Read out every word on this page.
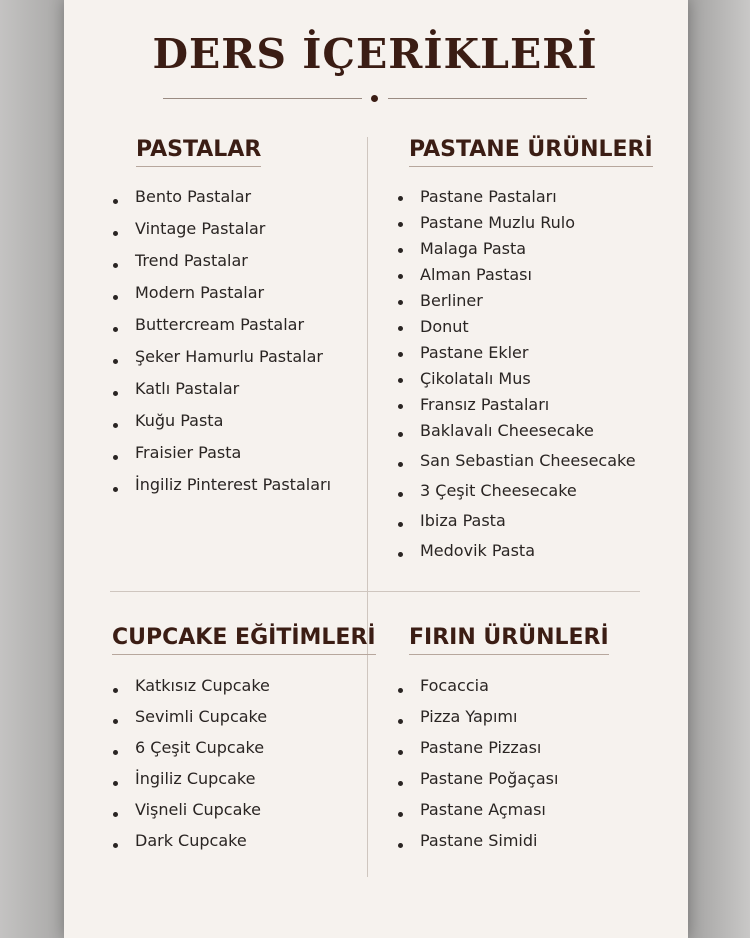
DERS İÇERİKLERİ
PASTALAR
Bento Pastalar
Vintage Pastalar
Trend Pastalar
Modern Pastalar
Buttercream Pastalar
Şeker Hamurlu Pastalar
Katlı Pastalar
Kuğu Pasta
Fraisier Pasta
İngiliz Pinterest Pastaları
PASTANE ÜRÜNLERİ
Pastane Pastaları
Pastane Muzlu Rulo
Malaga Pasta
Alman Pastası
Berliner
Donut
Pastane Ekler
Çikolatalı Mus
Fransız Pastaları
Baklavalı Cheesecake
San Sebastian Cheesecake
3 Çeşit Cheesecake
Ibiza Pasta
Medovik Pasta
CUPCAKE EĞİTİMLERİ
Katkısız Cupcake
Sevimli Cupcake
6 Çeşit Cupcake
İngiliz Cupcake
Vişneli Cupcake
Dark Cupcake
FIRIN ÜRÜNLERİ
Focaccia
Pizza Yapımı
Pastane Pizzası
Pastane Poğaçası
Pastane Açması
Pastane Simidi
